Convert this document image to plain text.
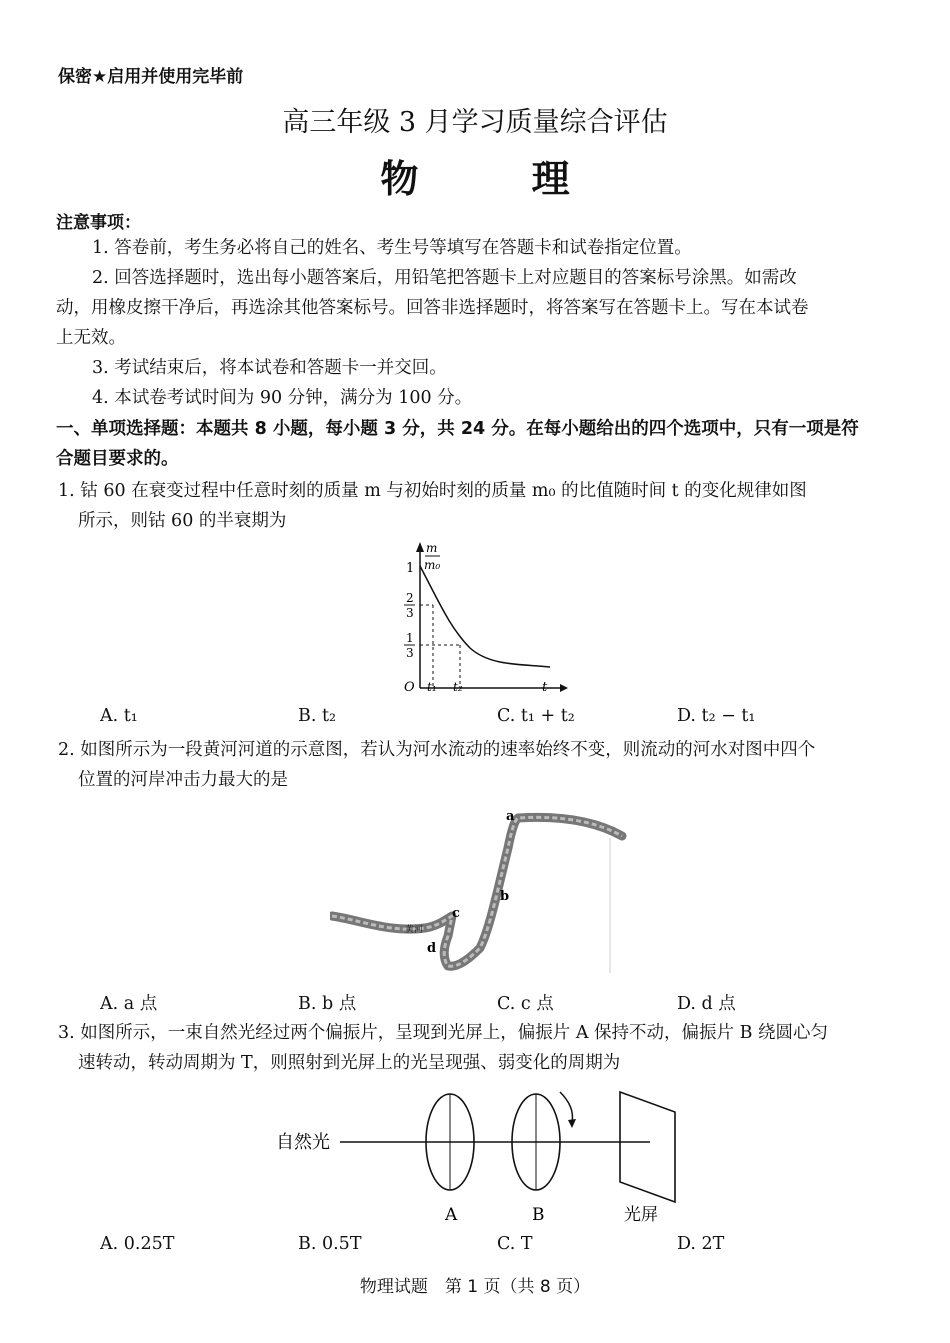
保密★启用并使用完毕前
高三年级 3 月学习质量综合评估
物 理
注意事项：
1. 答卷前，考生务必将自己的姓名、考生号等填写在答题卡和试卷指定位置。
2. 回答选择题时，选出每小题答案后，用铅笔把答题卡上对应题目的答案标号涂黑。如需改
动，用橡皮擦干净后，再选涂其他答案标号。回答非选择题时，将答案写在答题卡上。写在本试卷
上无效。
3. 考试结束后，将本试卷和答题卡一并交回。
4. 本试卷考试时间为 90 分钟，满分为 100 分。
一、单项选择题：本题共 8 小题，每小题 3 分，共 24 分。在每小题给出的四个选项中，只有一项是符
合题目要求的。
1. 钴 60 在衰变过程中任意时刻的质量 m 与初始时刻的质量 m₀ 的比值随时间 t 的变化规律如图
所示，则钴 60 的半衰期为
m
m₀
1
2
3
1
3
O t₁ t₂	t
A. t₁	B. t₂	C. t₁ + t₂	D. t₂ − t₁
2. 如图所示为一段黄河河道的示意图，若认为河水流动的速率始终不变，则流动的河水对图中四个
位置的河岸冲击力最大的是
a
b
c
d
黄河
A. a 点	B. b 点	C. c 点	D. d 点
3. 如图所示，一束自然光经过两个偏振片，呈现到光屏上，偏振片 A 保持不动，偏振片 B 绕圆心匀
速转动，转动周期为 T，则照射到光屏上的光呈现强、弱变化的周期为
自然光
A	B	光屏
A. 0.25T	B. 0.5T	C. T	D. 2T
物理试题　第 1 页（共 8 页）
